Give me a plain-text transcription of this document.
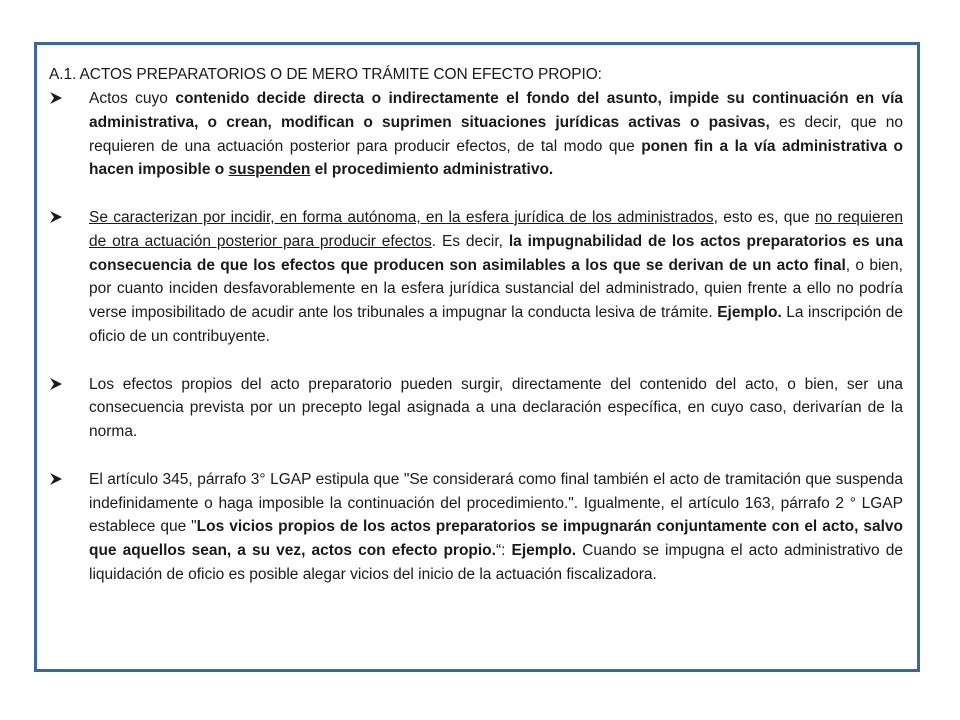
A.1. ACTOS PREPARATORIOS O DE MERO TRÁMITE CON EFECTO PROPIO:

Actos cuyo contenido decide directa o indirectamente el fondo del asunto, impide su continuación en vía administrativa, o crean, modifican o suprimen situaciones jurídicas activas o pasivas, es decir, que no requieren de una actuación posterior para producir efectos, de tal modo que ponen fin a la vía administrativa o hacen imposible o suspenden el procedimiento administrativo.

Se caracterizan por incidir, en forma autónoma, en la esfera jurídica de los administrados, esto es, que no requieren de otra actuación posterior para producir efectos. Es decir, la impugnabilidad de los actos preparatorios es una consecuencia de que los efectos que producen son asimilables a los que se derivan de un acto final, o bien, por cuanto inciden desfavorablemente en la esfera jurídica sustancial del administrado, quien frente a ello no podría verse imposibilitado de acudir ante los tribunales a impugnar la conducta lesiva de trámite. Ejemplo. La inscripción de oficio de un contribuyente.

Los efectos propios del acto preparatorio pueden surgir, directamente del contenido del acto, o bien, ser una consecuencia prevista por un precepto legal asignada a una declaración específica, en cuyo caso, derivarían de la norma.

El artículo 345, párrafo 3° LGAP estipula que "Se considerará como final también el acto de tramitación que suspenda indefinidamente o haga imposible la continuación del procedimiento.". Igualmente, el artículo 163, párrafo 2 ° LGAP establece que "Los vicios propios de los actos preparatorios se impugnarán conjuntamente con el acto, salvo que aquellos sean, a su vez, actos con efecto propio.“: Ejemplo. Cuando se impugna el acto administrativo de liquidación de oficio es posible alegar vicios del inicio de la actuación fiscalizadora.
